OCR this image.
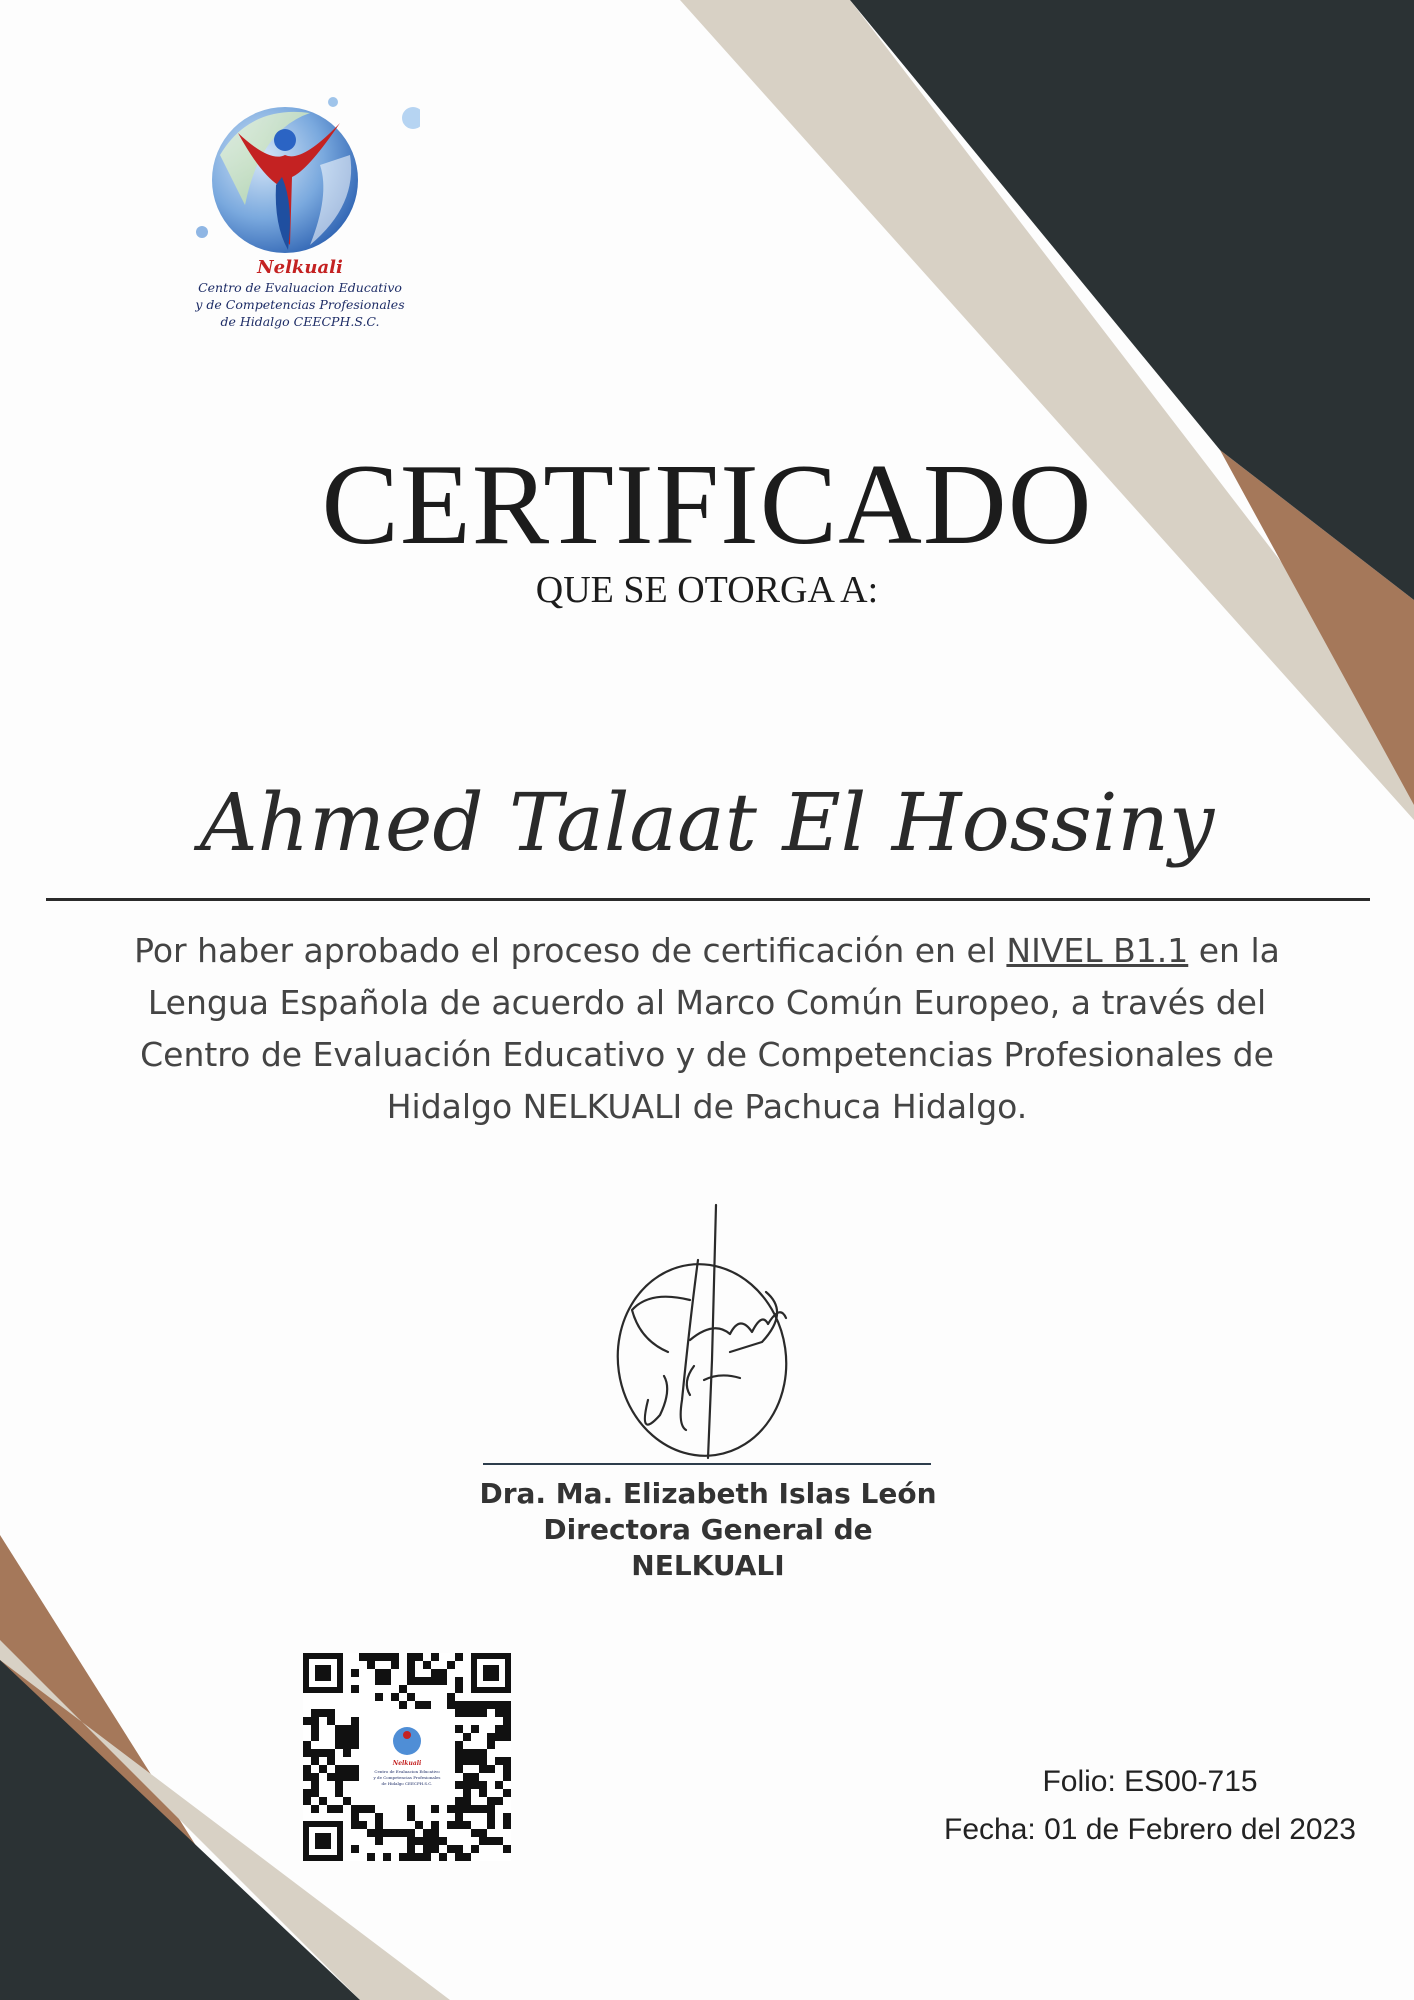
Nelkuali
Centro de Evaluacion Educativo
y de Competencias Profesionales
de Hidalgo CEECPH.S.C.
CERTIFICADO
QUE SE OTORGA A:
Ahmed Talaat El Hossiny
Por haber aprobado el proceso de certificación en el NIVEL B1.1 en la Lengua Española de acuerdo al Marco Común Europeo, a través del Centro de Evaluación Educativo y de Competencias Profesionales de Hidalgo NELKUALI de Pachuca Hidalgo.
Dra. Ma. Elizabeth Islas León
Directora General de
NELKUALI
Nelkuali
Centro de Evaluacion Educativo
y de Competencias Profesionales
de Hidalgo CEECPH.S.C.	Folio: ES00-715
Fecha: 01 de Febrero del 2023
